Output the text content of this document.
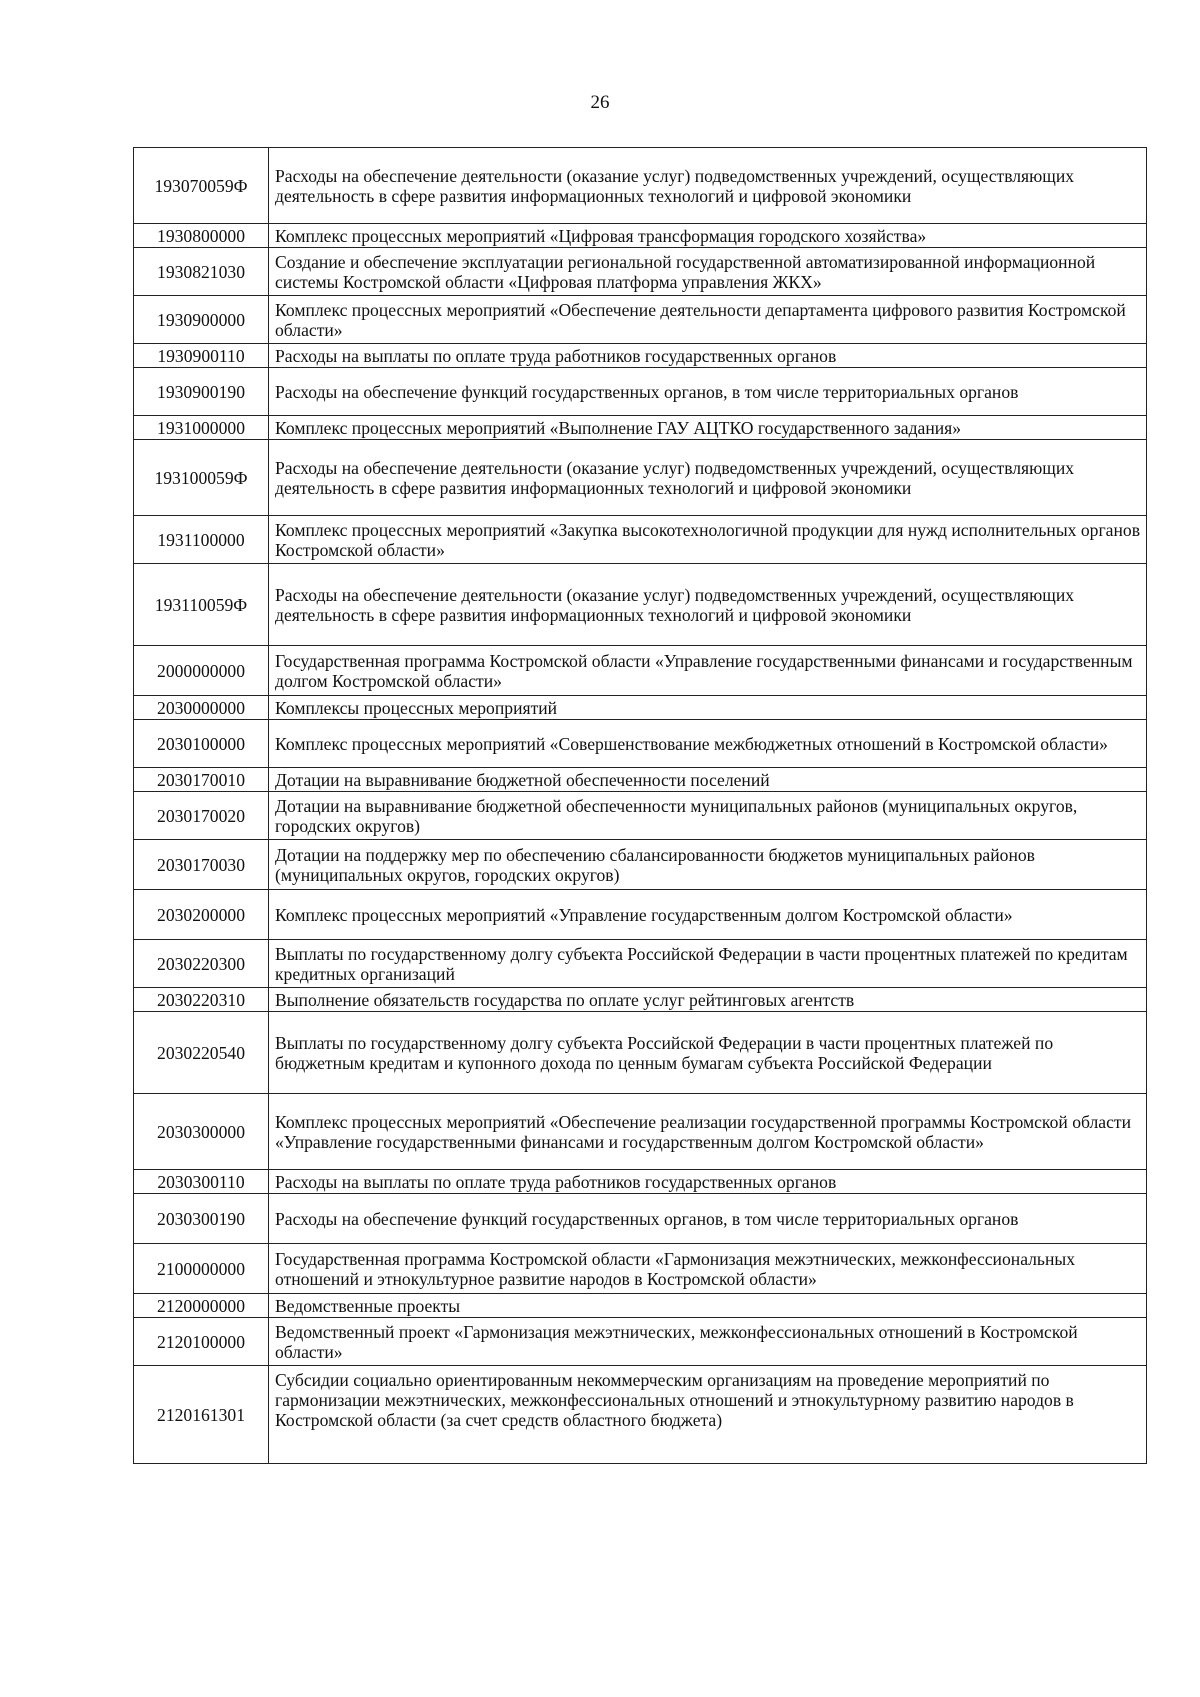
26
193070059Ф	Расходы на обеспечение деятельности (оказание услуг) подведомственных учреждений, осуществляющих деятельность в сфере развития информационных технологий и цифровой экономики
1930800000	Комплекс процессных мероприятий «Цифровая трансформация городского хозяйства»
1930821030	Создание и обеспечение эксплуатации региональной государственной автоматизированной информационной системы Костромской области «Цифровая платформа управления ЖКХ»
1930900000	Комплекс процессных мероприятий «Обеспечение деятельности департамента цифрового развития Костромской области»
1930900110	Расходы на выплаты по оплате труда работников государственных органов
1930900190	Расходы на обеспечение функций государственных органов, в том числе территориальных органов
1931000000	Комплекс процессных мероприятий «Выполнение ГАУ АЦТКО государственного задания»
193100059Ф	Расходы на обеспечение деятельности (оказание услуг) подведомственных учреждений, осуществляющих деятельность в сфере развития информационных технологий и цифровой экономики
1931100000	Комплекс процессных мероприятий «Закупка высокотехнологичной продукции для нужд исполнительных органов Костромской области»
193110059Ф	Расходы на обеспечение деятельности (оказание услуг) подведомственных учреждений, осуществляющих деятельность в сфере развития информационных технологий и цифровой экономики
2000000000	Государственная программа Костромской области «Управление государственными финансами и государственным долгом Костромской области»
2030000000	Комплексы процессных мероприятий
2030100000	Комплекс процессных мероприятий «Совершенствование межбюджетных отношений в Костромской области»
2030170010	Дотации на выравнивание бюджетной обеспеченности поселений
2030170020	Дотации на выравнивание бюджетной обеспеченности муниципальных районов (муниципальных округов, городских округов)
2030170030	Дотации на поддержку мер по обеспечению сбалансированности бюджетов муниципальных районов (муниципальных округов, городских округов)
2030200000	Комплекс процессных мероприятий «Управление государственным долгом Костромской области»
2030220300	Выплаты по государственному долгу субъекта Российской Федерации в части процентных платежей по кредитам кредитных организаций
2030220310	Выполнение обязательств государства по оплате услуг рейтинговых агентств
2030220540	Выплаты по государственному долгу субъекта Российской Федерации в части процентных платежей по бюджетным кредитам и купонного дохода по ценным бумагам субъекта Российской Федерации
2030300000	Комплекс процессных мероприятий «Обеспечение реализации государственной программы Костромской области «Управление государственными финансами и государственным долгом Костромской области»
2030300110	Расходы на выплаты по оплате труда работников государственных органов
2030300190	Расходы на обеспечение функций государственных органов, в том числе территориальных органов
2100000000	Государственная программа Костромской области «Гармонизация межэтнических, межконфессиональных отношений и этнокультурное развитие народов в Костромской области»
2120000000	Ведомственные проекты
2120100000	Ведомственный проект «Гармонизация межэтнических, межконфессиональных отношений в Костромской области»
2120161301	Субсидии социально ориентированным некоммерческим организациям на проведение мероприятий по гармонизации межэтнических, межконфессиональных отношений и этнокультурному развитию народов в Костромской области (за счет средств областного бюджета)
